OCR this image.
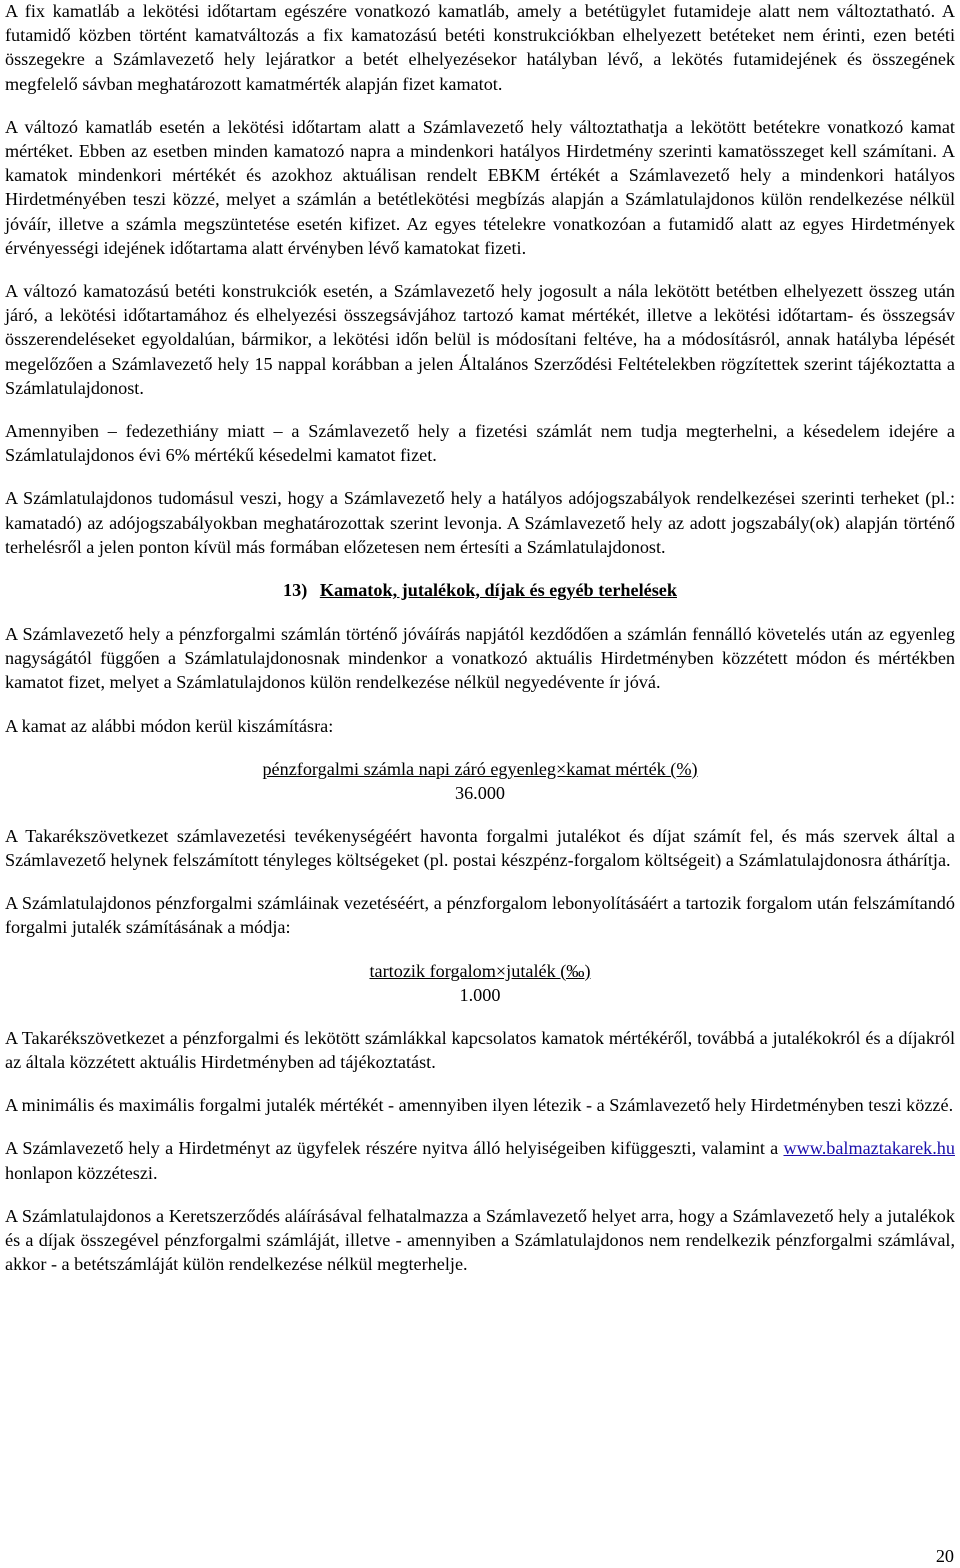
A fix kamatláb a lekötési időtartam egészére vonatkozó kamatláb, amely a betétügylet futamideje alatt nem változtatható. A futamidő közben történt kamatváltozás a fix kamatozású betéti konstrukciókban elhelyezett betéteket nem érinti, ezen betéti összegekre a Számlavezető hely lejáratkor a betét elhelyezésekor hatályban lévő, a lekötés futamidejének és összegének megfelelő sávban meghatározott kamatmérték alapján fizet kamatot.

A változó kamatláb esetén a lekötési időtartam alatt a Számlavezető hely változtathatja a lekötött betétekre vonatkozó kamat mértéket. Ebben az esetben minden kamatozó napra a mindenkori hatályos Hirdetmény szerinti kamatösszeget kell számítani. A kamatok mindenkori mértékét és azokhoz aktuálisan rendelt EBKM értékét a Számlavezető hely a mindenkori hatályos Hirdetményében teszi közzé, melyet a számlán a betétlekötési megbízás alapján a Számlatulajdonos külön rendelkezése nélkül jóváír, illetve a számla megszüntetése esetén kifizet. Az egyes tételekre vonatkozóan a futamidő alatt az egyes Hirdetmények érvényességi idejének időtartama alatt érvényben lévő kamatokat fizeti.

A változó kamatozású betéti konstrukciók esetén, a Számlavezető hely jogosult a nála lekötött betétben elhelyezett összeg után járó, a lekötési időtartamához és elhelyezési összegsávjához tartozó kamat mértékét, illetve a lekötési időtartam- és összegsáv összerendeléseket egyoldalúan, bármikor, a lekötési időn belül is módosítani feltéve, ha a módosításról, annak hatályba lépését megelőzően a Számlavezető hely 15 nappal korábban a jelen Általános Szerződési Feltételekben rögzítettek szerint tájékoztatta a Számlatulajdonost.

Amennyiben – fedezethiány miatt – a Számlavezető hely a fizetési számlát nem tudja megterhelni, a késedelem idejére a Számlatulajdonos évi 6% mértékű késedelmi kamatot fizet.

A Számlatulajdonos tudomásul veszi, hogy a Számlavezető hely a hatályos adójogszabályok rendelkezései szerinti terheket (pl.: kamatadó) az adójogszabályokban meghatározottak szerint levonja. A Számlavezető hely az adott jogszabály(ok) alapján történő terhelésről a jelen ponton kívül más formában előzetesen nem értesíti a Számlatulajdonost.

13) Kamatok, jutalékok, díjak és egyéb terhelések

A Számlavezető hely a pénzforgalmi számlán történő jóváírás napjától kezdődően a számlán fennálló követelés után az egyenleg nagyságától függően a Számlatulajdonosnak mindenkor a vonatkozó aktuális Hirdetményben közzétett módon és mértékben kamatot fizet, melyet a Számlatulajdonos külön rendelkezése nélkül negyedévente ír jóvá.

A kamat az alábbi módon kerül kiszámításra:

pénzforgalmi számla napi záró egyenleg×kamat mérték (%)
36.000

A Takarékszövetkezet számlavezetési tevékenységéért havonta forgalmi jutalékot és díjat számít fel, és más szervek által a Számlavezető helynek felszámított tényleges költségeket (pl. postai készpénz-forgalom költségeit) a Számlatulajdonosra áthárítja.

A Számlatulajdonos pénzforgalmi számláinak vezetéséért, a pénzforgalom lebonyolításáért a tartozik forgalom után felszámítandó forgalmi jutalék számításának a módja:

tartozik forgalom×jutalék (‰)
1.000

A Takarékszövetkezet a pénzforgalmi és lekötött számlákkal kapcsolatos kamatok mértékéről, továbbá a jutalékokról és a díjakról az általa közzétett aktuális Hirdetményben ad tájékoztatást.

A minimális és maximális forgalmi jutalék mértékét - amennyiben ilyen létezik - a Számlavezető hely Hirdetményben teszi közzé.

A Számlavezető hely a Hirdetményt az ügyfelek részére nyitva álló helyiségeiben kifüggeszti, valamint a www.balmaztakarek.hu honlapon közzéteszi.

A Számlatulajdonos a Keretszerződés aláírásával felhatalmazza a Számlavezető helyet arra, hogy a Számlavezető hely a jutalékok és a díjak összegével pénzforgalmi számláját, illetve - amennyiben a Számlatulajdonos nem rendelkezik pénzforgalmi számlával, akkor - a betétszámláját külön rendelkezése nélkül megterhelje.

20
